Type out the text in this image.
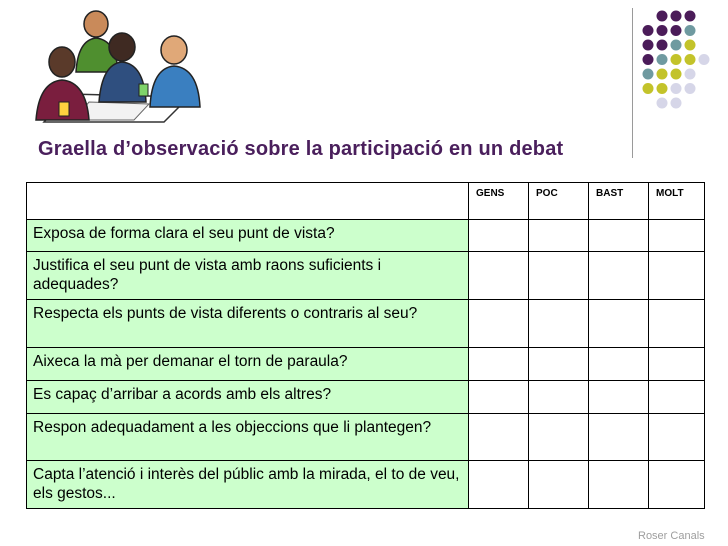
Graella d’observació sobre la participació en un debat
	GENS	POC	BAST	MOLT
Exposa de forma clara el seu punt de vista?				
Justifica el seu punt de vista amb raons suficients i adequades?				
Respecta els punts de vista diferents o contraris al seu?				
Aixeca la mà per demanar el torn de paraula?				
Es capaç d’arribar a acords amb els altres?				
Respon adequadament a les objeccions que li plantegen?				
Capta l’atenció i interès del públic amb la mirada, el to de veu, els gestos...				
Roser Canals
